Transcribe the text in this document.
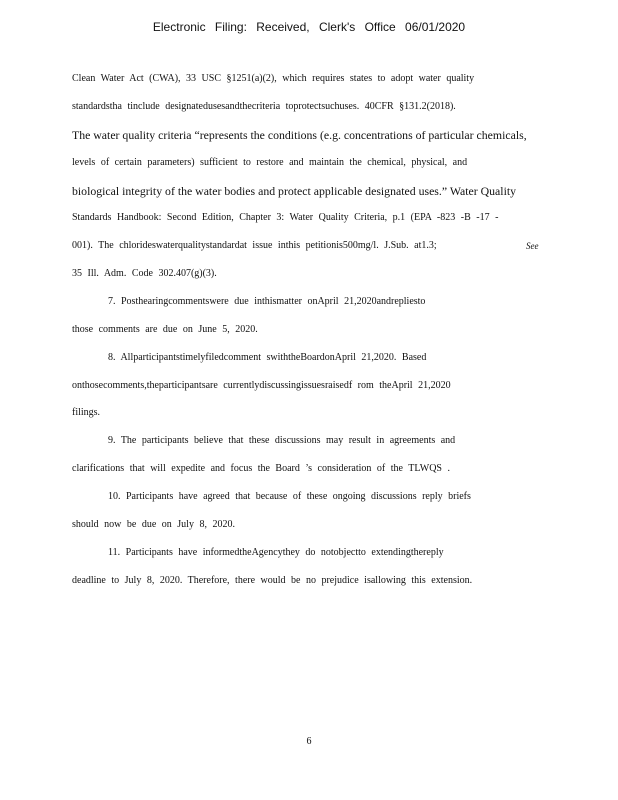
Electronic Filing: Received, Clerk's Office 06/01/2020
Clean Water Act (CWA), 33 USC §1251(a)(2), which requires states to adopt water quality
standardstha tinclude designatedusesandthecriteria toprotectsuchuses. 40CFR §131.2(2018).
The water quality criteria “represents the conditions (e.g. concentrations of particular chemicals,
levels of certain parameters) sufficient to restore and maintain the chemical, physical, and
biological integrity of the water bodies and protect applicable designated uses.” Water Quality
Standards Handbook: Second Edition, Chapter 3: Water Quality Criteria, p.1 (EPA -823 -B -17 -
001). The chlorideswaterqualitystandardat issue inthis petitionis500mg/l. J.Sub. at1.3;	See
35 Ill. Adm. Code 302.407(g)(3).
7. Posthearingcommentswere due inthismatter onApril 21,2020andrepliesto
those comments are due on June 5, 2020.
8. Allparticipantstimelyfiledcomment swiththeBoardonApril 21,2020. Based
onthosecomments,theparticipantsare currentlydiscussingissuesraisedf rom theApril 21,2020
filings.
9. The participants believe that these discussions may result in agreements and
clarifications that will expedite and focus the Board ’s consideration of the TLWQS .
10. Participants have agreed that because of these ongoing discussions reply briefs
should now be due on July 8, 2020.
11. Participants have informedtheAgencythey do notobjectto extendingthereply
deadline to July 8, 2020. Therefore, there would be no prejudice isallowing this extension.
6
